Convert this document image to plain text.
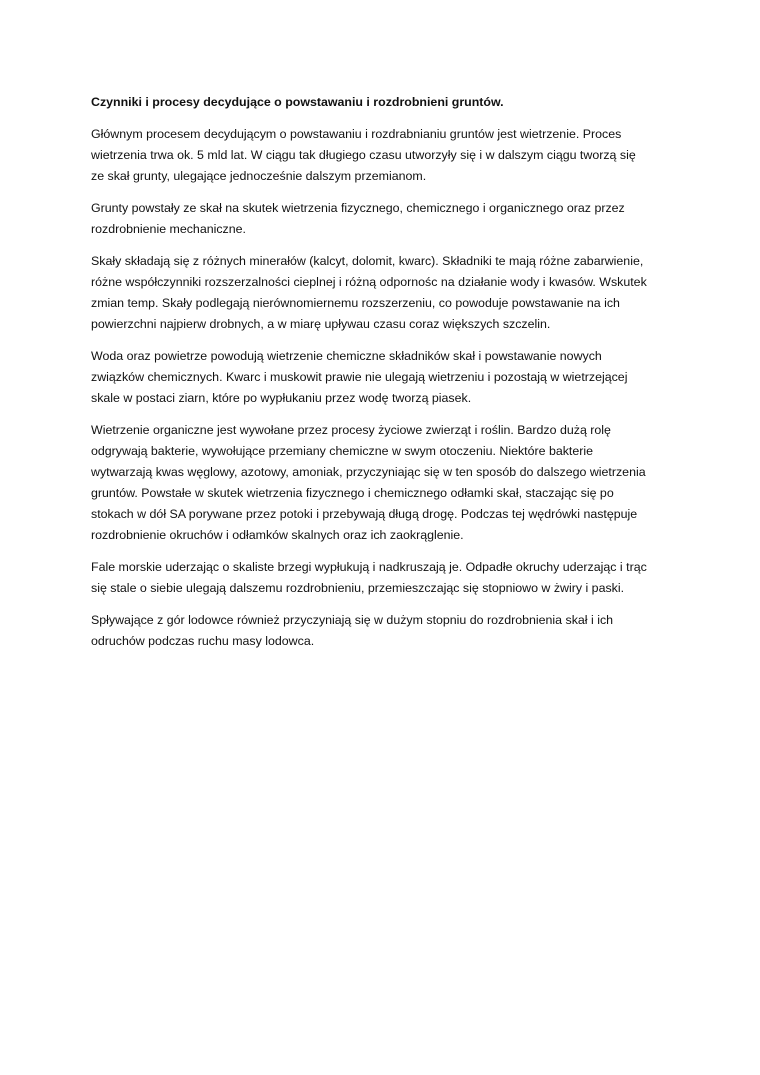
Czynniki i procesy decydujące o powstawaniu i rozdrobnieni gruntów.
Głównym procesem decydującym o powstawaniu i rozdrabnianiu gruntów jest wietrzenie. Proces
wietrzenia trwa ok. 5 mld lat. W ciągu tak długiego czasu utworzyły się i w dalszym ciągu tworzą się
ze skał grunty, ulegające jednocześnie dalszym przemianom.
Grunty powstały ze skał na skutek wietrzenia fizycznego, chemicznego i organicznego oraz przez
rozdrobnienie mechaniczne.
Skały składają się z różnych minerałów (kalcyt, dolomit, kwarc). Składniki te mają różne zabarwienie,
różne współczynniki rozszerzalności cieplnej i różną odpornośc na działanie wody i kwasów. Wskutek
zmian temp. Skały podlegają nierównomiernemu rozszerzeniu, co powoduje powstawanie na ich
powierzchni najpierw drobnych, a w miarę upływau czasu coraz większych szczelin.
Woda oraz powietrze powodują wietrzenie chemiczne składników skał i powstawanie nowych
związków chemicznych. Kwarc i muskowit prawie nie ulegają wietrzeniu i pozostają w wietrzejącej
skale w postaci ziarn, które po wypłukaniu przez wodę tworzą piasek.
Wietrzenie organiczne jest wywołane przez procesy życiowe zwierząt i roślin. Bardzo dużą rolę
odgrywają bakterie, wywołujące przemiany chemiczne w swym otoczeniu. Niektóre bakterie
wytwarzają kwas węglowy, azotowy, amoniak, przyczyniając się w ten sposób do dalszego wietrzenia
gruntów. Powstałe w skutek wietrzenia fizycznego i chemicznego odłamki skał, staczając się po
stokach w dół SA porywane przez potoki i przebywają długą drogę. Podczas tej wędrówki następuje
rozdrobnienie okruchów i odłamków skalnych oraz ich zaokrąglenie.
Fale morskie uderzając o skaliste brzegi wypłukują i nadkruszają je. Odpadłe okruchy uderzając i trąc
się stale o siebie ulegają dalszemu rozdrobnieniu, przemieszczając się stopniowo w żwiry i paski.
Spływające z gór lodowce również przyczyniają się w dużym stopniu do rozdrobnienia skał i ich
odruchów podczas ruchu masy lodowca.
